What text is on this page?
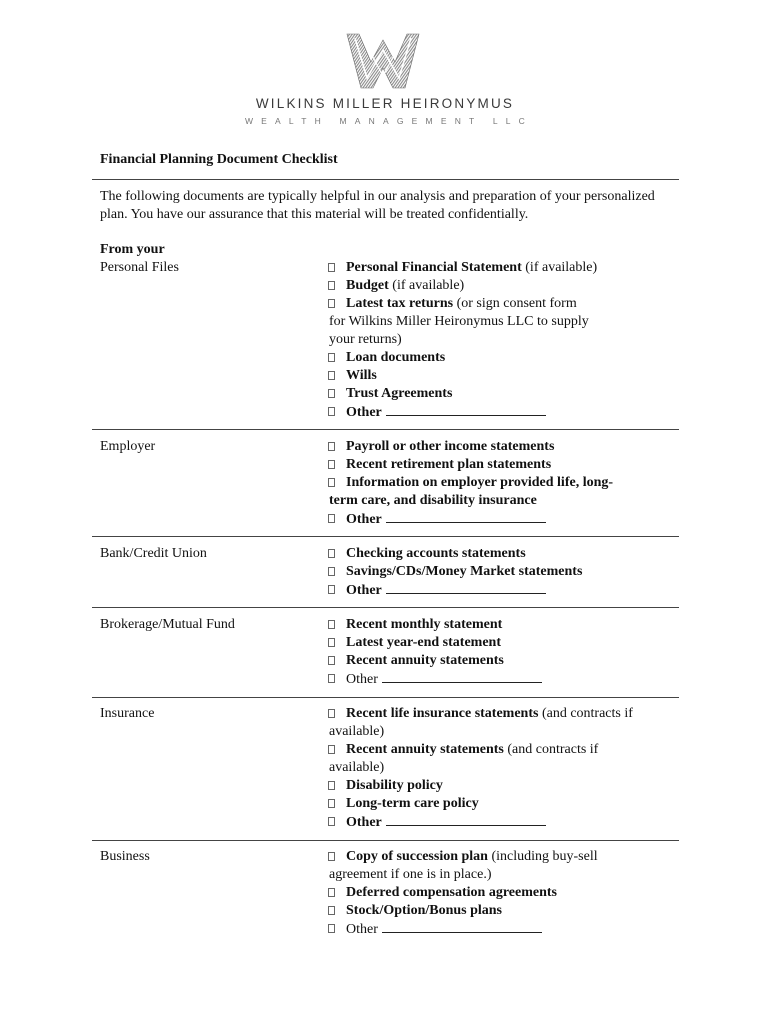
WILKINS MILLER HEIRONYMUS
WEALTH MANAGEMENT LLC
Financial Planning Document Checklist
The following documents are typically helpful in our analysis and preparation of your personalized plan. You have our assurance that this material will be treated confidentially.
From your
Personal Files	Personal Financial Statement (if available)
Budget (if available)
Latest tax returns (or sign consent form
for Wilkins Miller Heironymus LLC to supply
your returns)
Loan documents
Wills
Trust Agreements
Other
Employer	Payroll or other income statements
Recent retirement plan statements
Information on employer provided life, long-
term care, and disability insurance
Other
Bank/Credit Union	Checking accounts statements
Savings/CDs/Money Market statements
Other
Brokerage/Mutual Fund	Recent monthly statement
Latest year-end statement
Recent annuity statements
Other
Insurance	Recent life insurance statements (and contracts if
available)
Recent annuity statements (and contracts if
available)
Disability policy
Long-term care policy
Other
Business	Copy of succession plan (including buy-sell
agreement if one is in place.)
Deferred compensation agreements
Stock/Option/Bonus plans
Other
